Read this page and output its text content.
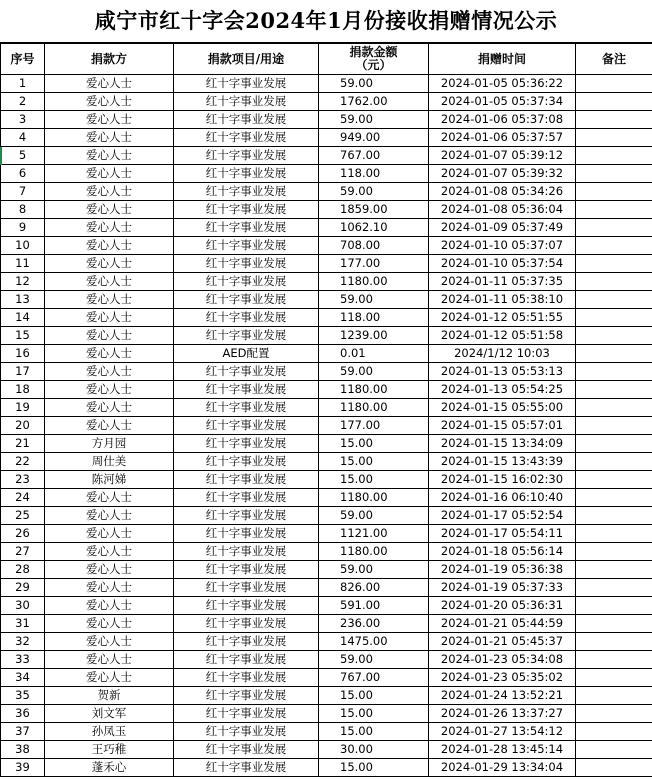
咸宁市红十字会2024年1月份接收捐赠情况公示
序号	捐款方	捐款项目/用途	捐款金额
（元）	捐赠时间	备注
1	爱心人士	红十字事业发展	59.00	2024-01-05 05:36:22	
2	爱心人士	红十字事业发展	1762.00	2024-01-05 05:37:34	
3	爱心人士	红十字事业发展	59.00	2024-01-06 05:37:08	
4	爱心人士	红十字事业发展	949.00	2024-01-06 05:37:57	
5	爱心人士	红十字事业发展	767.00	2024-01-07 05:39:12	
6	爱心人士	红十字事业发展	118.00	2024-01-07 05:39:32	
7	爱心人士	红十字事业发展	59.00	2024-01-08 05:34:26	
8	爱心人士	红十字事业发展	1859.00	2024-01-08 05:36:04	
9	爱心人士	红十字事业发展	1062.10	2024-01-09 05:37:49	
10	爱心人士	红十字事业发展	708.00	2024-01-10 05:37:07	
11	爱心人士	红十字事业发展	177.00	2024-01-10 05:37:54	
12	爱心人士	红十字事业发展	1180.00	2024-01-11 05:37:35	
13	爱心人士	红十字事业发展	59.00	2024-01-11 05:38:10	
14	爱心人士	红十字事业发展	118.00	2024-01-12 05:51:55	
15	爱心人士	红十字事业发展	1239.00	2024-01-12 05:51:58	
16	爱心人士	AED配置	0.01	2024/1/12 10:03	
17	爱心人士	红十字事业发展	59.00	2024-01-13 05:53:13	
18	爱心人士	红十字事业发展	1180.00	2024-01-13 05:54:25	
19	爱心人士	红十字事业发展	1180.00	2024-01-15 05:55:00	
20	爱心人士	红十字事业发展	177.00	2024-01-15 05:57:01	
21	方月园	红十字事业发展	15.00	2024-01-15 13:34:09	
22	周仕美	红十字事业发展	15.00	2024-01-15 13:43:39	
23	陈河娣	红十字事业发展	15.00	2024-01-15 16:02:30	
24	爱心人士	红十字事业发展	1180.00	2024-01-16 06:10:40	
25	爱心人士	红十字事业发展	59.00	2024-01-17 05:52:54	
26	爱心人士	红十字事业发展	1121.00	2024-01-17 05:54:11	
27	爱心人士	红十字事业发展	1180.00	2024-01-18 05:56:14	
28	爱心人士	红十字事业发展	59.00	2024-01-19 05:36:38	
29	爱心人士	红十字事业发展	826.00	2024-01-19 05:37:33	
30	爱心人士	红十字事业发展	591.00	2024-01-20 05:36:31	
31	爱心人士	红十字事业发展	236.00	2024-01-21 05:44:59	
32	爱心人士	红十字事业发展	1475.00	2024-01-21 05:45:37	
33	爱心人士	红十字事业发展	59.00	2024-01-23 05:34:08	
34	爱心人士	红十字事业发展	767.00	2024-01-23 05:35:02	
35	贺新	红十字事业发展	15.00	2024-01-24 13:52:21	
36	刘文军	红十字事业发展	15.00	2024-01-26 13:37:27	
37	孙凤玉	红十字事业发展	15.00	2024-01-27 13:54:12	
38	王巧稚	红十字事业发展	30.00	2024-01-28 13:45:14	
39	蓬禾心	红十字事业发展	15.00	2024-01-29 13:34:04	
